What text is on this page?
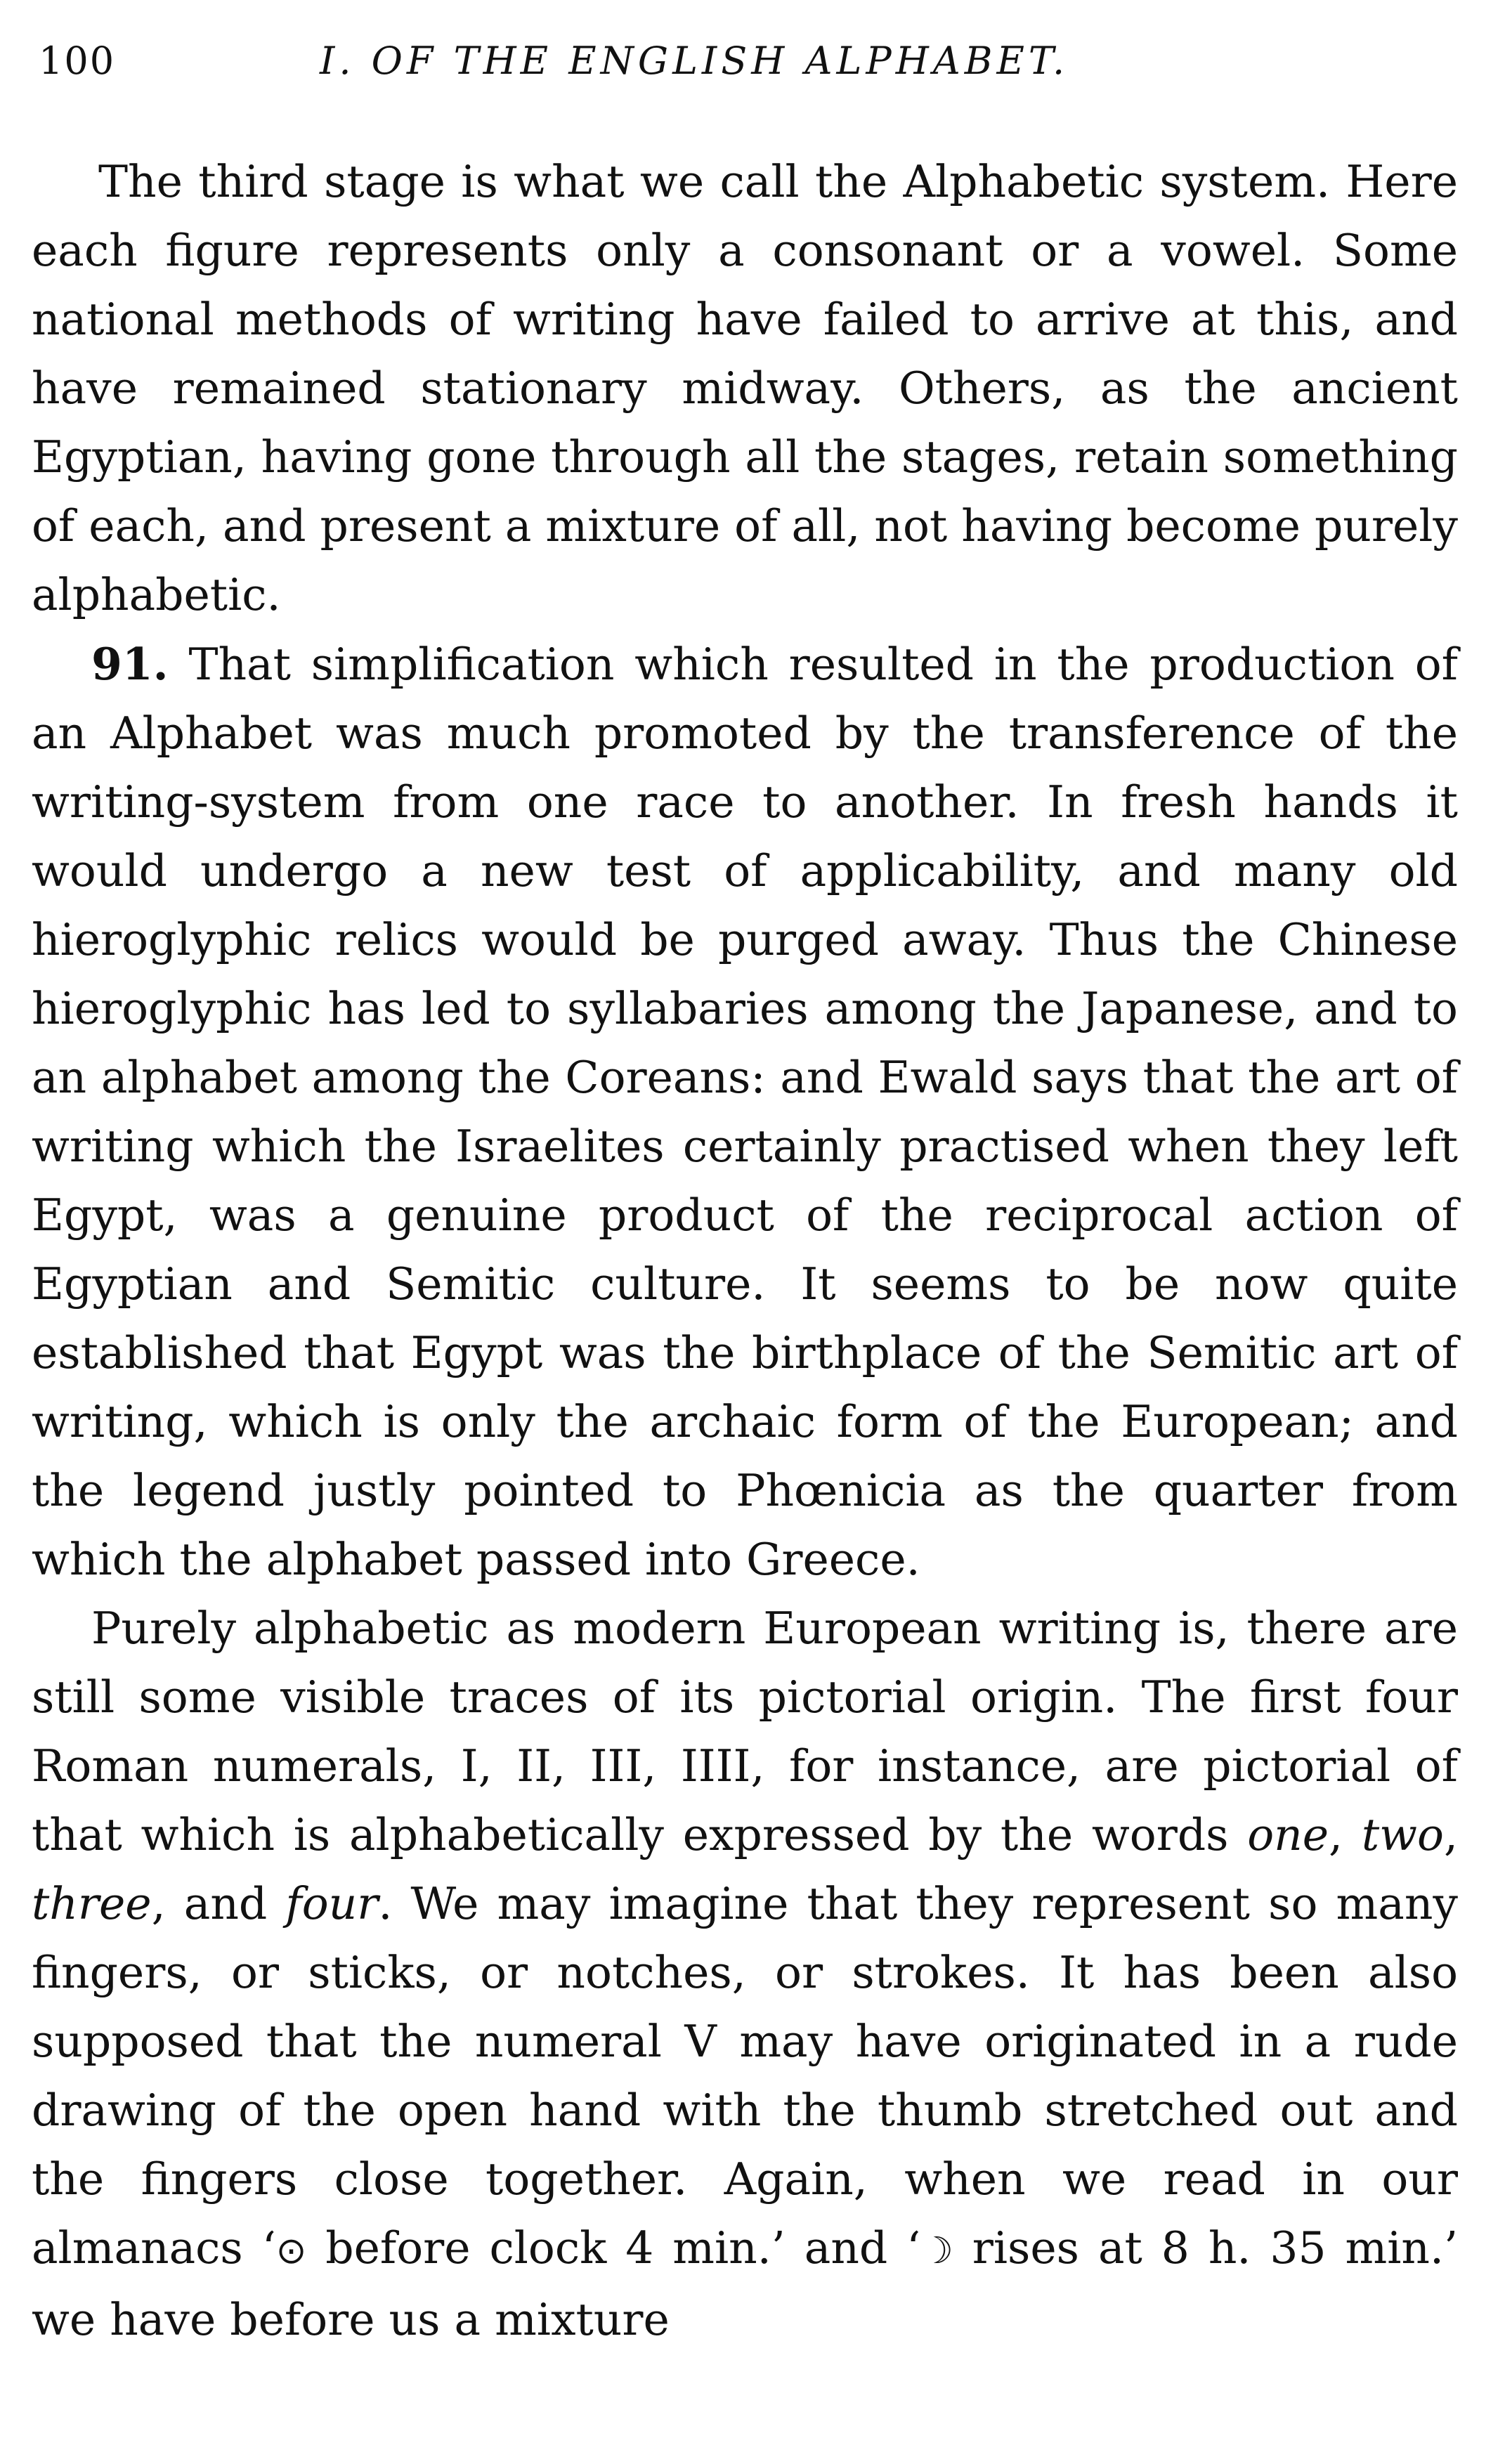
100	I. OF THE ENGLISH ALPHABET.

The third stage is what we call the Alphabetic system. Here each figure represents only a consonant or a vowel. Some national methods of writing have failed to arrive at this, and have remained stationary midway. Others, as the ancient Egyptian, having gone through all the stages, retain something of each, and present a mixture of all, not having become purely alphabetic.

91. That simplification which resulted in the production of an Alphabet was much promoted by the transference of the writing-system from one race to another. In fresh hands it would undergo a new test of applicability, and many old hieroglyphic relics would be purged away. Thus the Chinese hieroglyphic has led to syllabaries among the Japanese, and to an alphabet among the Coreans: and Ewald says that the art of writing which the Israelites certainly practised when they left Egypt, was a genuine product of the reciprocal action of Egyptian and Semitic culture. It seems to be now quite established that Egypt was the birthplace of the Semitic art of writing, which is only the archaic form of the European; and the legend justly pointed to Phœnicia as the quarter from which the alphabet passed into Greece.

Purely alphabetic as modern European writing is, there are still some visible traces of its pictorial origin. The first four Roman numerals, I, II, III, IIII, for instance, are pictorial of that which is alphabetically expressed by the words one, two, three, and four. We may imagine that they represent so many fingers, or sticks, or notches, or strokes. It has been also supposed that the numeral V may have originated in a rude drawing of the open hand with the thumb stretched out and the fingers close together. Again, when we read in our almanacs ‘⊙ before clock 4 min.’ and ‘☽ rises at 8 h. 35 min.’ we have before us a mixture
